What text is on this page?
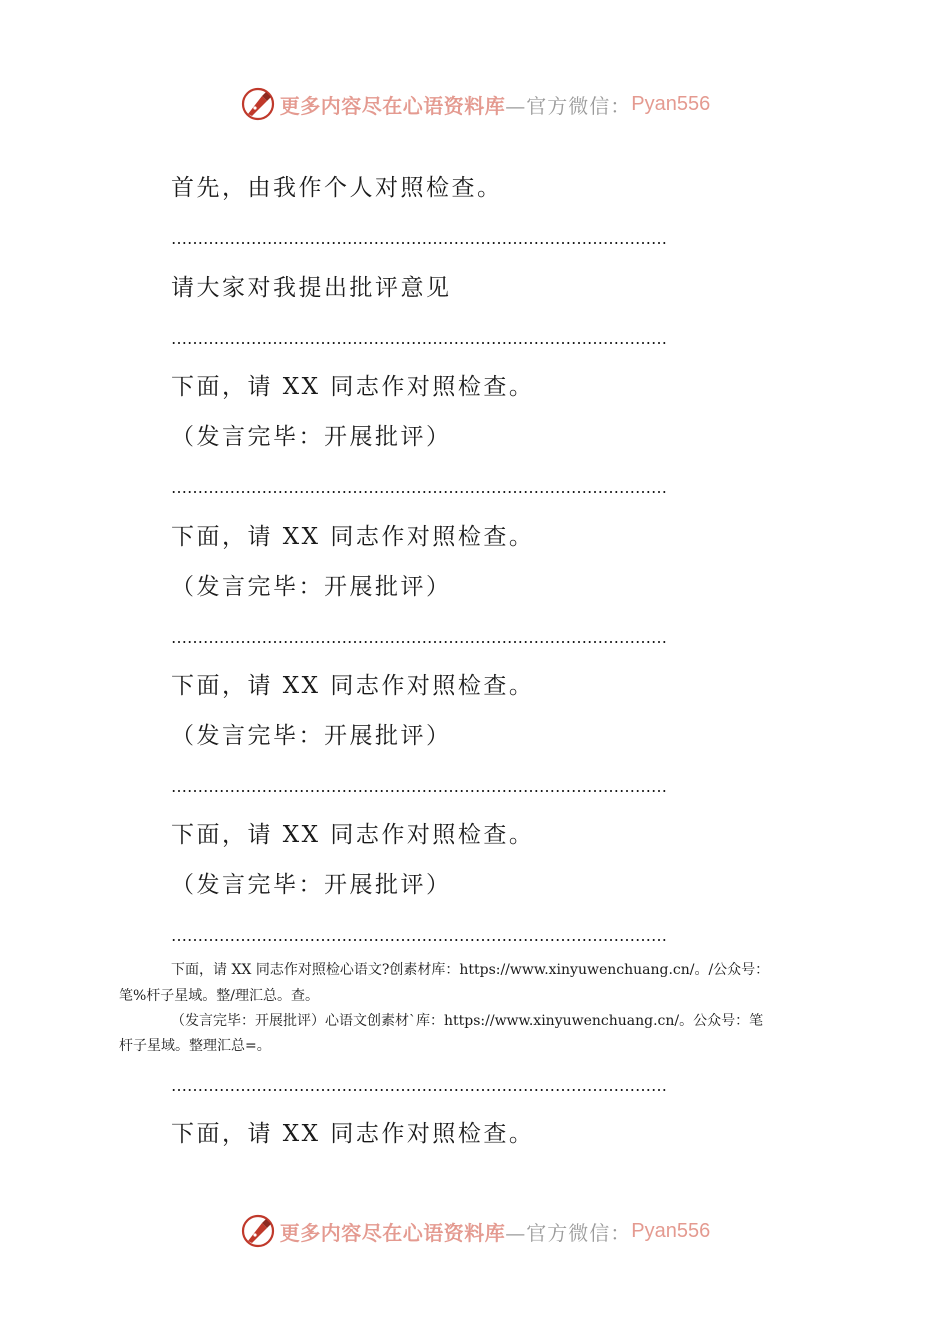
更多内容尽在心语资料库 —官方微信： Pyan556
首先，由我作个人对照检查。
…………………………………………………………………………………
请大家对我提出批评意见
…………………………………………………………………………………
下面，请 XX 同志作对照检查。
（发言完毕：开展批评）
…………………………………………………………………………………
下面，请 XX 同志作对照检查。
（发言完毕：开展批评）
…………………………………………………………………………………
下面，请 XX 同志作对照检查。
（发言完毕：开展批评）
…………………………………………………………………………………
下面，请 XX 同志作对照检查。
（发言完毕：开展批评）
…………………………………………………………………………………
下面，请 XX 同志作对照检心语文?创素材库：https://www.xinyuwenchuang.cn/。/公众号：
笔%杆子星域。整/理汇总。查。
（发言完毕：开展批评）心语文创素材`库：https://www.xinyuwenchuang.cn/。公众号：笔
杆子星域。整理汇总=。
…………………………………………………………………………………
下面，请 XX 同志作对照检查。
更多内容尽在心语资料库 —官方微信： Pyan556
